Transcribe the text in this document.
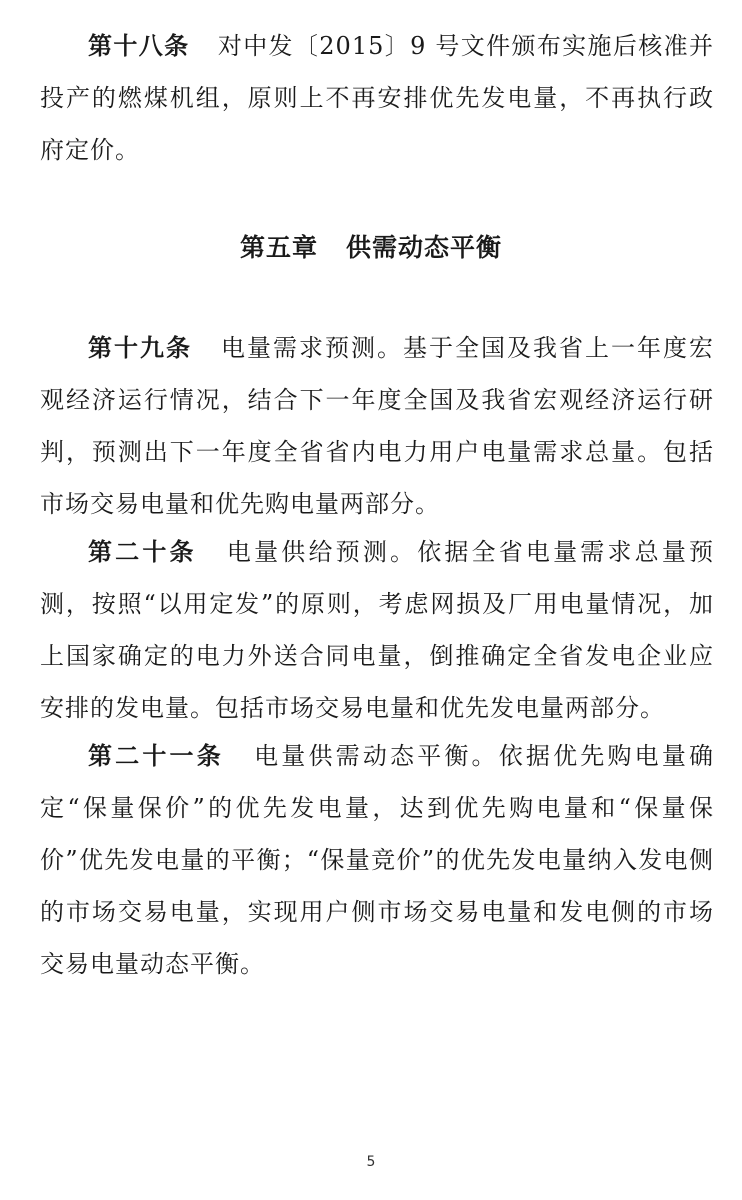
第十八条 对中发〔2015〕9 号文件颁布实施后核准并投产的燃煤机组，原则上不再安排优先发电量，不再执行政府定价。

第五章 供需动态平衡

第十九条 电量需求预测。基于全国及我省上一年度宏观经济运行情况，结合下一年度全国及我省宏观经济运行研判，预测出下一年度全省省内电力用户电量需求总量。包括市场交易电量和优先购电量两部分。

第二十条 电量供给预测。依据全省电量需求总量预测，按照“以用定发”的原则，考虑网损及厂用电量情况，加上国家确定的电力外送合同电量，倒推确定全省发电企业应安排的发电量。包括市场交易电量和优先发电量两部分。

第二十一条 电量供需动态平衡。依据优先购电量确定“保量保价”的优先发电量，达到优先购电量和“保量保价”优先发电量的平衡；“保量竞价”的优先发电量纳入发电侧的市场交易电量，实现用户侧市场交易电量和发电侧的市场交易电量动态平衡。

5
